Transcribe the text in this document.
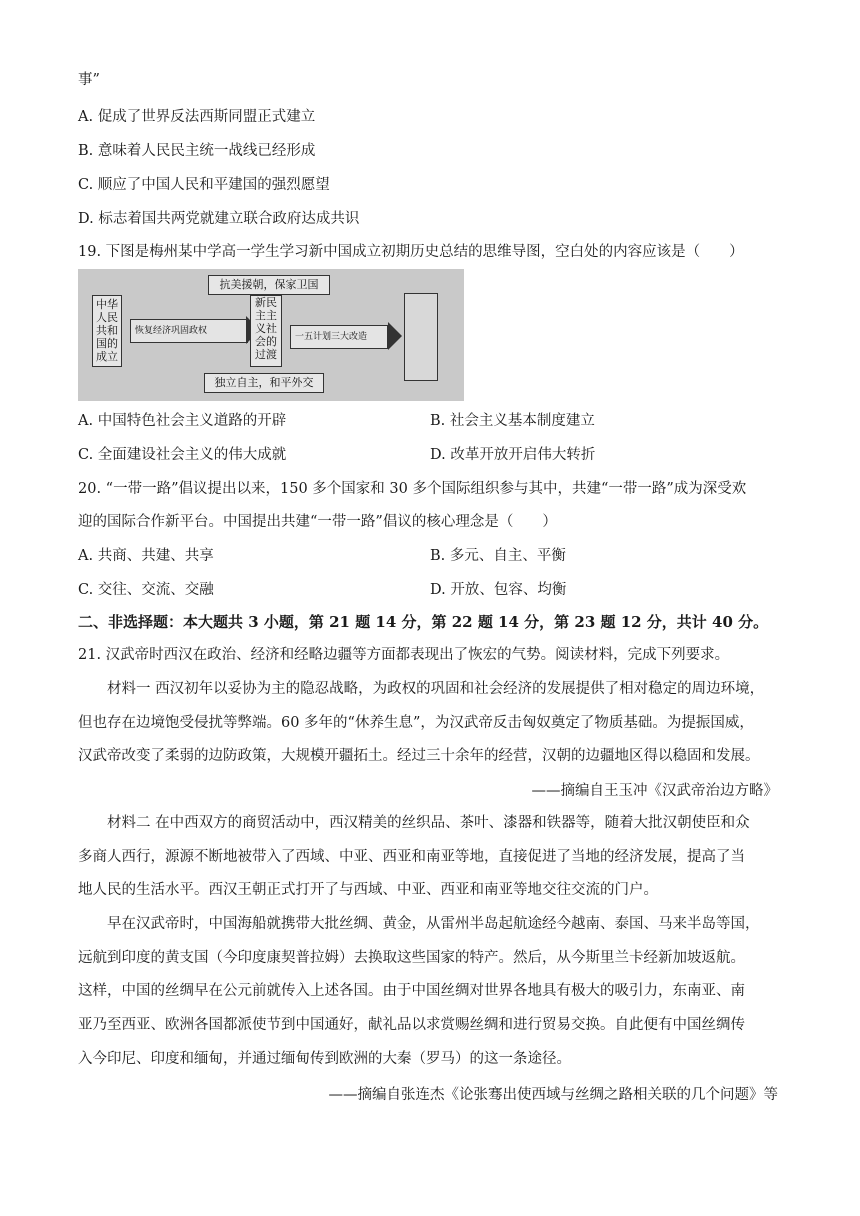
事”
A. 促成了世界反法西斯同盟正式建立
B. 意味着人民民主统一战线已经形成
C. 顺应了中国人民和平建国的强烈愿望
D. 标志着国共两党就建立联合政府达成共识
19. 下图是梅州某中学高一学生学习新中国成立初期历史总结的思维导图，空白处的内容应该是（　　）
中华
人民
共和
国的
成立
恢复经济巩固政权
抗美援朝，保家卫国
新民
主主
义社
会的
过渡
独立自主，和平外交
一五计划三大改造
A. 中国特色社会主义道路的开辟	B. 社会主义基本制度建立
C. 全面建设社会主义的伟大成就	D. 改革开放开启伟大转折
20. “一带一路”倡议提出以来，150 多个国家和 30 多个国际组织参与其中，共建“一带一路”成为深受欢
迎的国际合作新平台。中国提出共建“一带一路”倡议的核心理念是（　　）
A. 共商、共建、共享	B. 多元、自主、平衡
C. 交往、交流、交融	D. 开放、包容、均衡
二、非选择题：本大题共 3 小题，第 21 题 14 分，第 22 题 14 分，第 23 题 12 分，共计 40 分。
21. 汉武帝时西汉在政治、经济和经略边疆等方面都表现出了恢宏的气势。阅读材料，完成下列要求。
　　材料一 西汉初年以妥协为主的隐忍战略，为政权的巩固和社会经济的发展提供了相对稳定的周边环境，
但也存在边境饱受侵扰等弊端。60 多年的“休养生息”，为汉武帝反击匈奴奠定了物质基础。为提振国威，
汉武帝改变了柔弱的边防政策，大规模开疆拓土。经过三十余年的经营，汉朝的边疆地区得以稳固和发展。
——摘编自王玉冲《汉武帝治边方略》
　　材料二 在中西双方的商贸活动中，西汉精美的丝织品、茶叶、漆器和铁器等，随着大批汉朝使臣和众
多商人西行，源源不断地被带入了西域、中亚、西亚和南亚等地，直接促进了当地的经济发展，提高了当
地人民的生活水平。西汉王朝正式打开了与西域、中亚、西亚和南亚等地交往交流的门户。
　　早在汉武帝时，中国海船就携带大批丝绸、黄金，从雷州半岛起航途经今越南、泰国、马来半岛等国，
远航到印度的黄支国（今印度康契普拉姆）去换取这些国家的特产。然后，从今斯里兰卡经新加坡返航。
这样，中国的丝绸早在公元前就传入上述各国。由于中国丝绸对世界各地具有极大的吸引力，东南亚、南
亚乃至西亚、欧洲各国都派使节到中国通好，献礼品以求赏赐丝绸和进行贸易交换。自此便有中国丝绸传
入今印尼、印度和缅甸，并通过缅甸传到欧洲的大秦（罗马）的这一条途径。
——摘编自张连杰《论张骞出使西域与丝绸之路相关联的几个问题》等
